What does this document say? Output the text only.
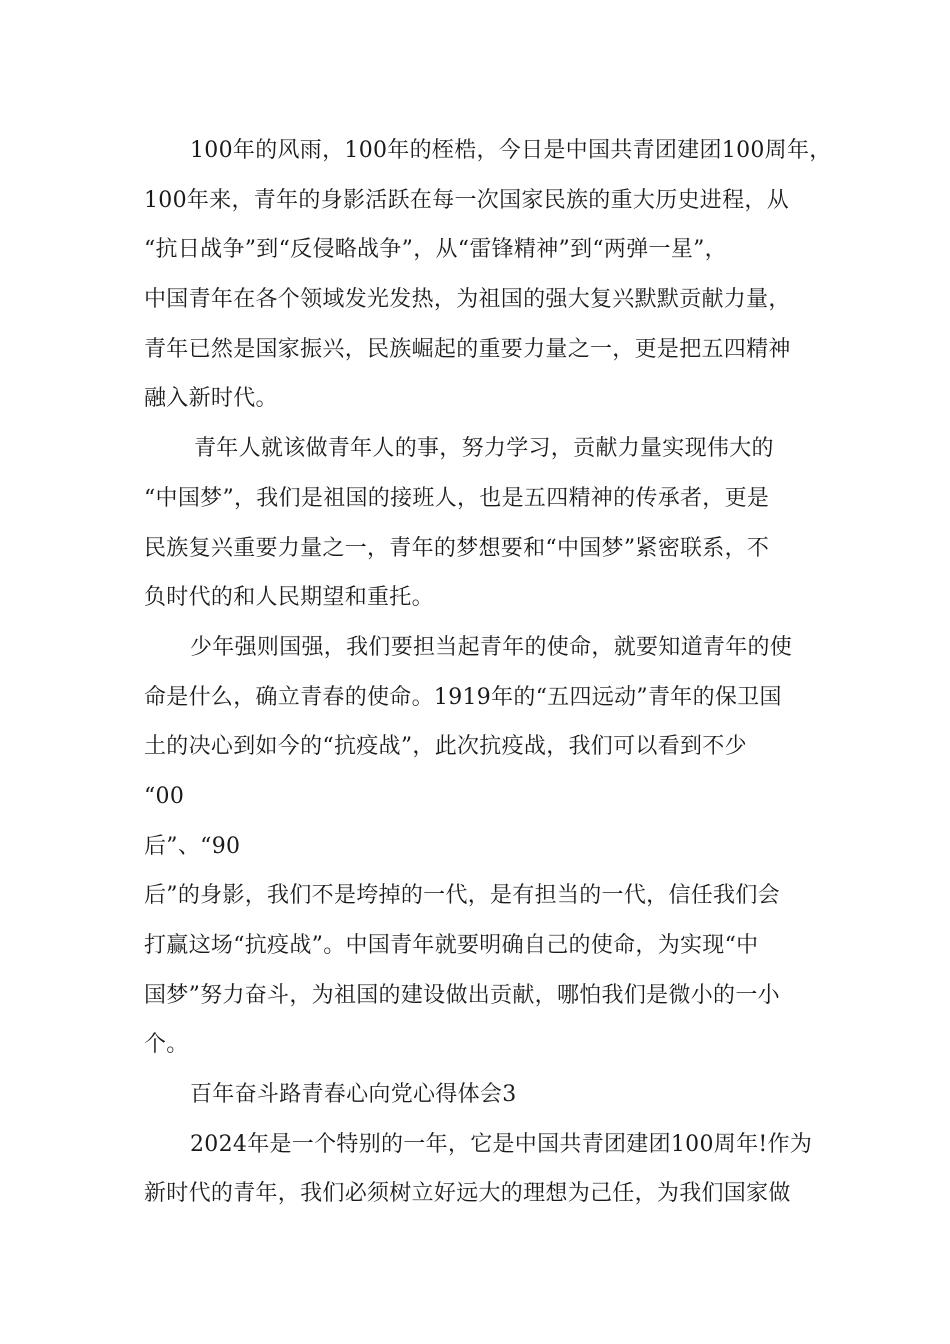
100年的风雨，100年的桎梏，今日是中国共青团建团100周年，
100年来，青年的身影活跃在每一次国家民族的重大历史进程，从
“抗日战争”到“反侵略战争”，从“雷锋精神”到“两弹一星”，
中国青年在各个领域发光发热，为祖国的强大复兴默默贡献力量，
青年已然是国家振兴，民族崛起的重要力量之一，更是把五四精神
融入新时代。
青年人就该做青年人的事，努力学习，贡献力量实现伟大的
“中国梦”，我们是祖国的接班人，也是五四精神的传承者，更是
民族复兴重要力量之一，青年的梦想要和“中国梦”紧密联系，不
负时代的和人民期望和重托。
少年强则国强，我们要担当起青年的使命，就要知道青年的使
命是什么，确立青春的使命。1919年的“五四远动”青年的保卫国
土的决心到如今的“抗疫战”，此次抗疫战，我们可以看到不少
“00
后”、“90
后”的身影，我们不是垮掉的一代，是有担当的一代，信任我们会
打赢这场“抗疫战”。中国青年就要明确自己的使命，为实现“中
国梦”努力奋斗，为祖国的建设做出贡献，哪怕我们是微小的一小
个。
百年奋斗路青春心向党心得体会3
2024年是一个特别的一年，它是中国共青团建团100周年!作为
新时代的青年，我们必须树立好远大的理想为己任，为我们国家做
